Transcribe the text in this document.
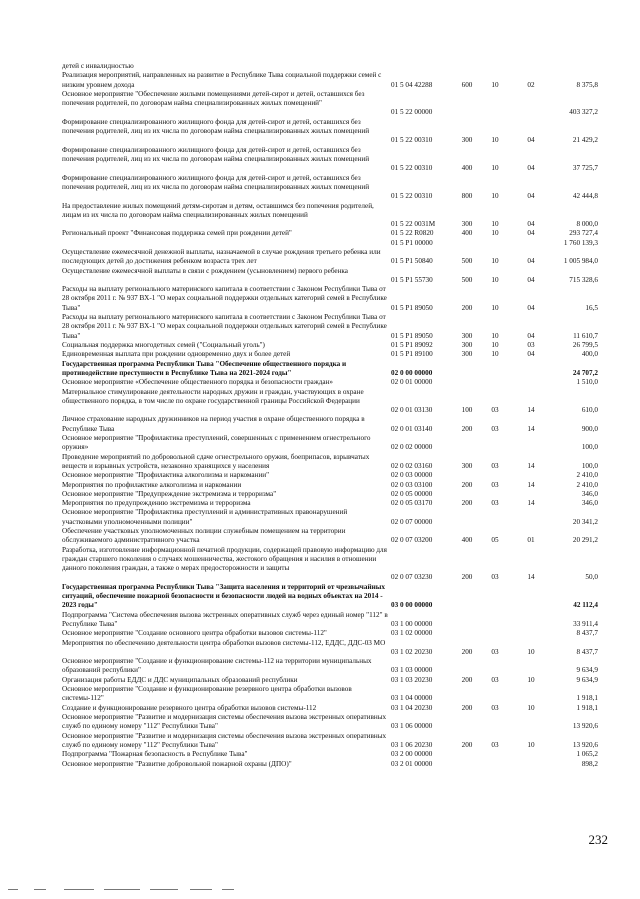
детей с инвалидностью
Реализация мероприятий, направленных на развитие в Республике Тыва социальной поддержки семей с низким уровнем дохода	01 5 04 42288	600	10	02	8 375,8
Основное мероприятие "Обеспечение жилыми помещениями детей-сирот и детей, оставшихся без попечения родителей, по договорам найма специализированных жилых помещений"
01 5 22 00000	403 327,2
Формирование специализированного жилищного фонда для детей-сирот и детей, оставшихся без попечения родителей, лиц из их числа по договорам найма специализированных жилых помещений
01 5 22 00310	300	10	04	21 429,2
Формирование специализированного жилищного фонда для детей-сирот и детей, оставшихся без попечения родителей, лиц из их числа по договорам найма специализированных жилых помещений
01 5 22 00310	400	10	04	37 725,7
Формирование специализированного жилищного фонда для детей-сирот и детей, оставшихся без попечения родителей, лиц из их числа по договорам найма специализированных жилых помещений
01 5 22 00310	800	10	04	42 444,8
На предоставление жилых помещений детям-сиротам и детям, оставшимся без попечения родителей, лицам из их числа по договорам найма специализированных жилых помещений
01 5 22 0031М	300	10	04	8 000,0
Региональный проект "Финансовая поддержка семей при рождении детей"	01 5 22 R0820	400	10	04	293 727,4
01 5 P1 00000	1 760 139,3
Осуществление ежемесячной денежной выплаты, назначаемой в случае рождения третьего ребенка или последующих детей до достижения ребенком возраста трех лет	01 5 P1 50840	500	10	04	1 005 984,0
Осуществление ежемесячной выплаты в связи с рождением (усыновлением) первого ребенка
01 5 P1 55730	500	10	04	715 328,6
Расходы на выплату регионального материнского капитала в соответствии с Законом Республики Тыва от 28 октября 2011 г. № 937 ВХ-1 "О мерах социальной поддержки отдельных категорий семей в Республике Тыва"	01 5 P1 89050	200	10	04	16,5
Расходы на выплату регионального материнского капитала в соответствии с Законом Республики Тыва от 28 октября 2011 г. № 937 ВХ-1 "О мерах социальной поддержки отдельных категорий семей в Республике Тыва"	01 5 P1 89050	300	10	04	11 610,7
Социальная поддержка многодетных семей ("Социальный уголь")	01 5 P1 89092	300	10	03	26 799,5
Единовременная выплата при рождении одновременно двух и более детей	01 5 P1 89100	300	10	04	400,0
Государственная программа Республики Тыва "Обеспечение общественного порядка и противодействие преступности в Республике Тыва на 2021-2024 годы"	02 0 00 00000	24 707,2
Основное мероприятие «Обеспечение общественного порядка и безопасности граждан»	02 0 01 00000	1 510,0
Материальное стимулирование деятельности народных дружин и граждан, участвующих в охране общественного порядка, в том числе по охране государственной границы Российской Федерации
02 0 01 03130	100	03	14	610,0
Личное страхование народных дружинников на период участия в охране общественного порядка в Республике Тыва	02 0 01 03140	200	03	14	900,0
Основное мероприятие "Профилактика преступлений, совершенных с применением огнестрельного оружия»	02 0 02 00000	100,0
Проведение мероприятий по добровольной сдаче огнестрельного оружия, боеприпасов, взрывчатых веществ и взрывных устройств, незаконно хранящихся у населения	02 0 02 03160	300	03	14	100,0
Основное мероприятие "Профилактика алкоголизма и наркомании"	02 0 03 00000	2 410,0
Мероприятия по профилактике алкоголизма и наркомании	02 0 03 03100	200	03	14	2 410,0
Основное мероприятие "Предупреждение экстремизма и терроризма"	02 0 05 00000	346,0
Мероприятия по предупреждению экстремизма и терроризма	02 0 05 03170	200	03	14	346,0
Основное мероприятие "Профилактика преступлений и административных правонарушений участковыми уполномоченными полиции"	02 0 07 00000	20 341,2
Обеспечение участковых уполномоченных полиции служебным помещением на территории обслуживаемого административного участка	02 0 07 03200	400	05	01	20 291,2
Разработка, изготовление информационной печатной продукции, содержащей правовую информацию для граждан старшего поколения о случаях мошенничества, жестокого обращения и насилия в отношении данного поколения граждан, а также о мерах предосторожности и защиты
02 0 07 03230	200	03	14	50,0
Государственная программа Республики Тыва "Защита населения и территорий от чрезвычайных ситуаций, обеспечение пожарной безопасности и безопасности людей на водных объектах на 2014 - 2023 годы"	03 0 00 00000	42 112,4
Подпрограмма "Система обеспечения вызова экстренных оперативных служб через единый номер "112" в Республике Тыва"	03 1 00 00000	33 911,4
Основное мероприятие "Создание основного центра обработки вызовов системы-112"	03 1 02 00000	8 437,7
Мероприятия по обеспечению деятельности центра обработки вызовов системы-112, ЕДДС, ДДС-03 МО
03 1 02 20230	200	03	10	8 437,7
Основное мероприятие "Создание и функционирование системы-112 на территории муниципальных образований республики"	03 1 03 00000	9 634,9
Организация работы ЕДДС и ДДС муниципальных образований республики	03 1 03 20230	200	03	10	9 634,9
Основное мероприятие "Создание и функционирование резервного центра обработки вызовов системы-112"	03 1 04 00000	1 918,1
Создание и функционирование резервного центра обработки вызовов системы-112	03 1 04 20230	200	03	10	1 918,1
Основное мероприятие "Развитие и модернизация системы обеспечения вызова экстренных оперативных служб по единому номеру "112" Республики Тыва"	03 1 06 00000	13 920,6
Основное мероприятие "Развитие и модернизация системы обеспечения вызова экстренных оперативных служб по единому номеру "112" Республики Тыва"	03 1 06 20230	200	03	10	13 920,6
Подпрограмма "Пожарная безопасность в Республике Тыва"	03 2 00 00000	1 065,2
Основное мероприятие "Развитие добровольной пожарной охраны (ДПО)"	03 2 01 00000	898,2
232
